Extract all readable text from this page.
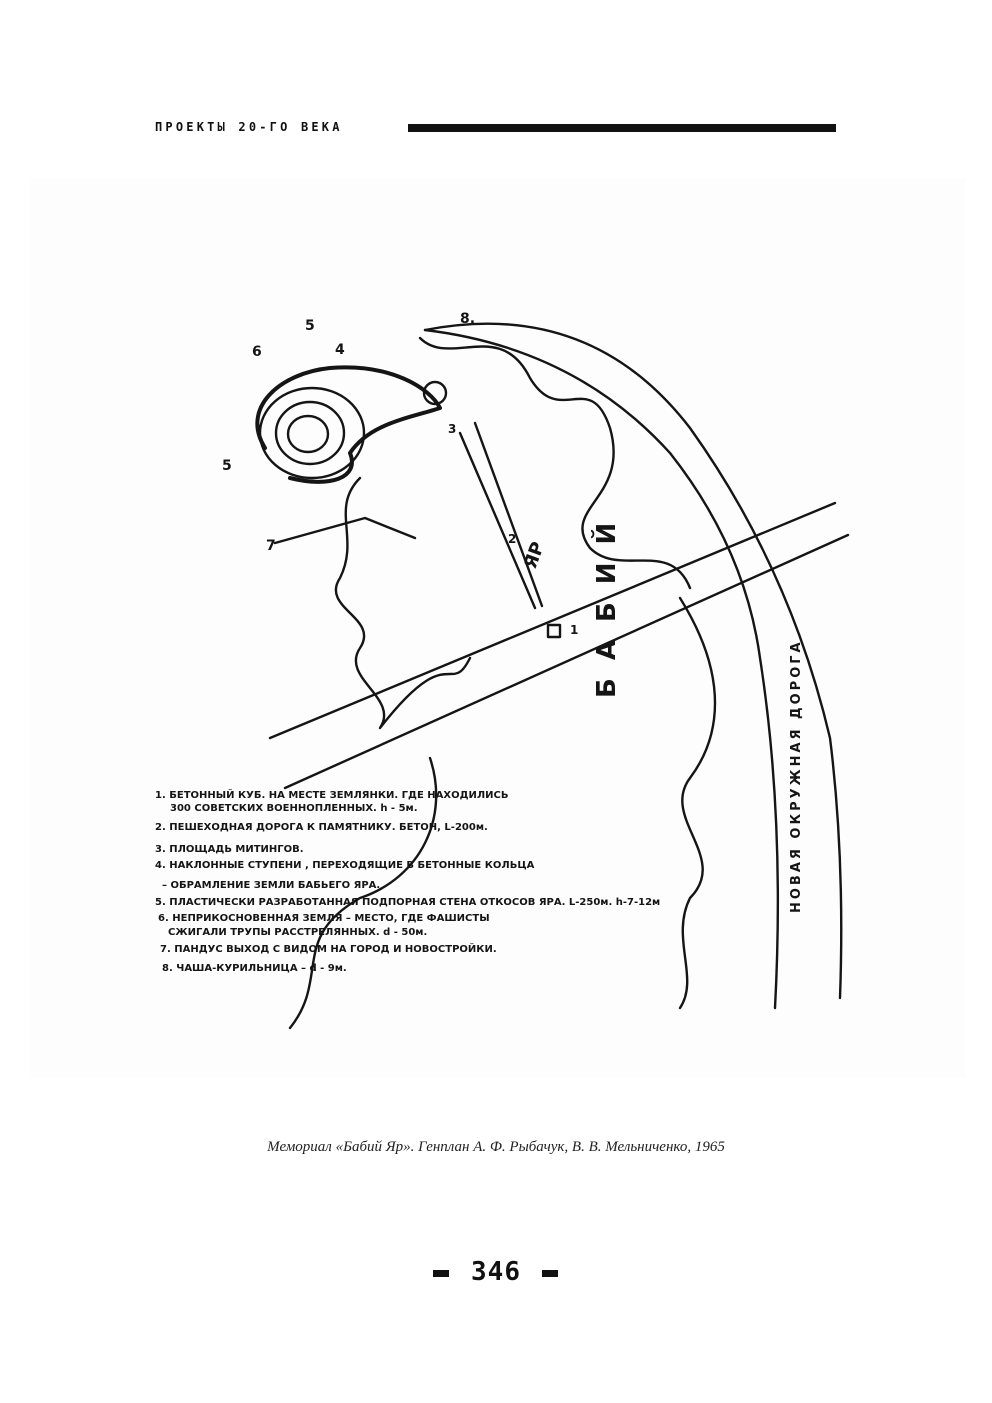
ПРОЕКТЫ 20-ГО ВЕКА
8.
6
5
4
3
5
7	2
1
ЯР БАБИЙ
НОВАЯ ОКРУЖНАЯ ДОРОГА
1. БЕТОННЫЙ КУБ. НА МЕСТЕ ЗЕМЛЯНКИ. ГДЕ НАХОДИЛИСЬ
300 СОВЕТСКИХ ВОЕННОПЛЕННЫХ. h - 5м.
2. ПЕШЕХОДНАЯ ДОРОГА К ПАМЯТНИКУ. БЕТОН, L-200м.
3. ПЛОЩАДЬ МИТИНГОВ.
4. НАКЛОННЫЕ СТУПЕНИ , ПЕРЕХОДЯЩИЕ В БЕТОННЫЕ КОЛЬЦА
– ОБРАМЛЕНИЕ ЗЕМЛИ БАБЬЕГО ЯРА.
5. ПЛАСТИЧЕСКИ РАЗРАБОТАННАЯ ПОДПОРНАЯ СТЕНА ОТКОСОВ ЯРА. L-250м. h-7-12м
6. НЕПРИКОСНОВЕННАЯ ЗЕМЛЯ – МЕСТО, ГДЕ ФАШИСТЫ
СЖИГАЛИ ТРУПЫ РАССТРЕЛЯННЫХ. d - 50м.
7. ПАНДУС ВЫХОД С ВИДОМ НА ГОРОД И НОВОСТРОЙКИ.
8. ЧАША-КУРИЛЬНИЦА – d - 9м.
Мемориал «Бабий Яр». Генплан А. Ф. Рыбачук, В. В. Мельниченко, 1965
346
